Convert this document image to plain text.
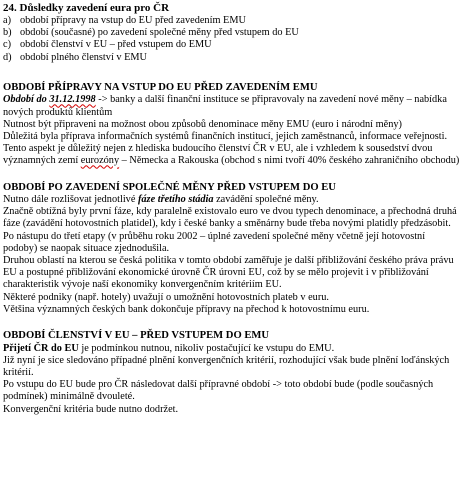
24. Důsledky zavedení eura pro ČR
a) období přípravy na vstup do EU před zavedením EMU
b) období (současné) po zavedení společné měny před vstupem do EU
c) období členství v EU – před vstupem do EMU
d) období plného členství v EMU
OBDOBÍ PŘÍPRAVY NA VSTUP DO EU PŘED ZAVEDENÍM EMU
Období do 31.12.1998 -> banky a další finanční instituce se připravovaly na zavedení nové měny – nabídka nových produktů klientům
Nutnost být připraveni na možnost obou způsobů denominace měny EMU (euro i národní měny)
Důležitá byla příprava informačních systémů finančních institucí, jejich zaměstnanců, informace veřejnosti.
Tento aspekt je důležitý nejen z hlediska budoucího členství ČR v EU, ale i vzhledem k sousedství dvou významných zemí eurozóny – Německa a Rakouska (obchod s nimi tvoří 40% českého zahraničního obchodu)
OBDOBÍ PO ZAVEDENÍ SPOLEČNÉ MĚNY PŘED VSTUPEM DO EU
Nutno dále rozlišovat jednotlivé fáze třetího stádia zavádění společné měny.
Značně obtížná byly první fáze, kdy paralelně existovalo euro ve dvou typech denominace, a přechodná druhá fáze (zavádění hotovostních platidel), kdy i české banky a směnárny bude třeba novými platidly předzásobit.
Po nástupu do třetí etapy (v průběhu roku 2002 – úplné zavedení společné měny včetně její hotovostní podoby) se naopak situace zjednodušila.
Druhou oblastí na kterou se česká politika v tomto období zaměřuje je další přibližování českého práva právu EU a postupné přibližování ekonomické úrovně ČR úrovni EU, což by se mělo projevit i v přibližování charakteristik vývoje naší ekonomiky konvergenčním kritériím EU.
Některé podniky (např. hotely) uvažují o umožnění hotovostních plateb v euru.
Většina významných českých bank dokončuje přípravy na přechod k hotovostnímu euru.
OBDOBÍ ČLENSTVÍ V EU – PŘED VSTUPEM DO EMU
Přijetí ČR do EU je podmínkou nutnou, nikoliv postačující ke vstupu do EMU.
Již nyní je sice sledováno případné plnění konvergenčních kritérií, rozhodující však bude plnění loďánských kritérií.
Po vstupu do EU bude pro ČR následovat další přípravné období -> toto období bude (podle současných podmínek) minimálně dvouleté.
Konvergenční kritéria bude nutno dodržet.
